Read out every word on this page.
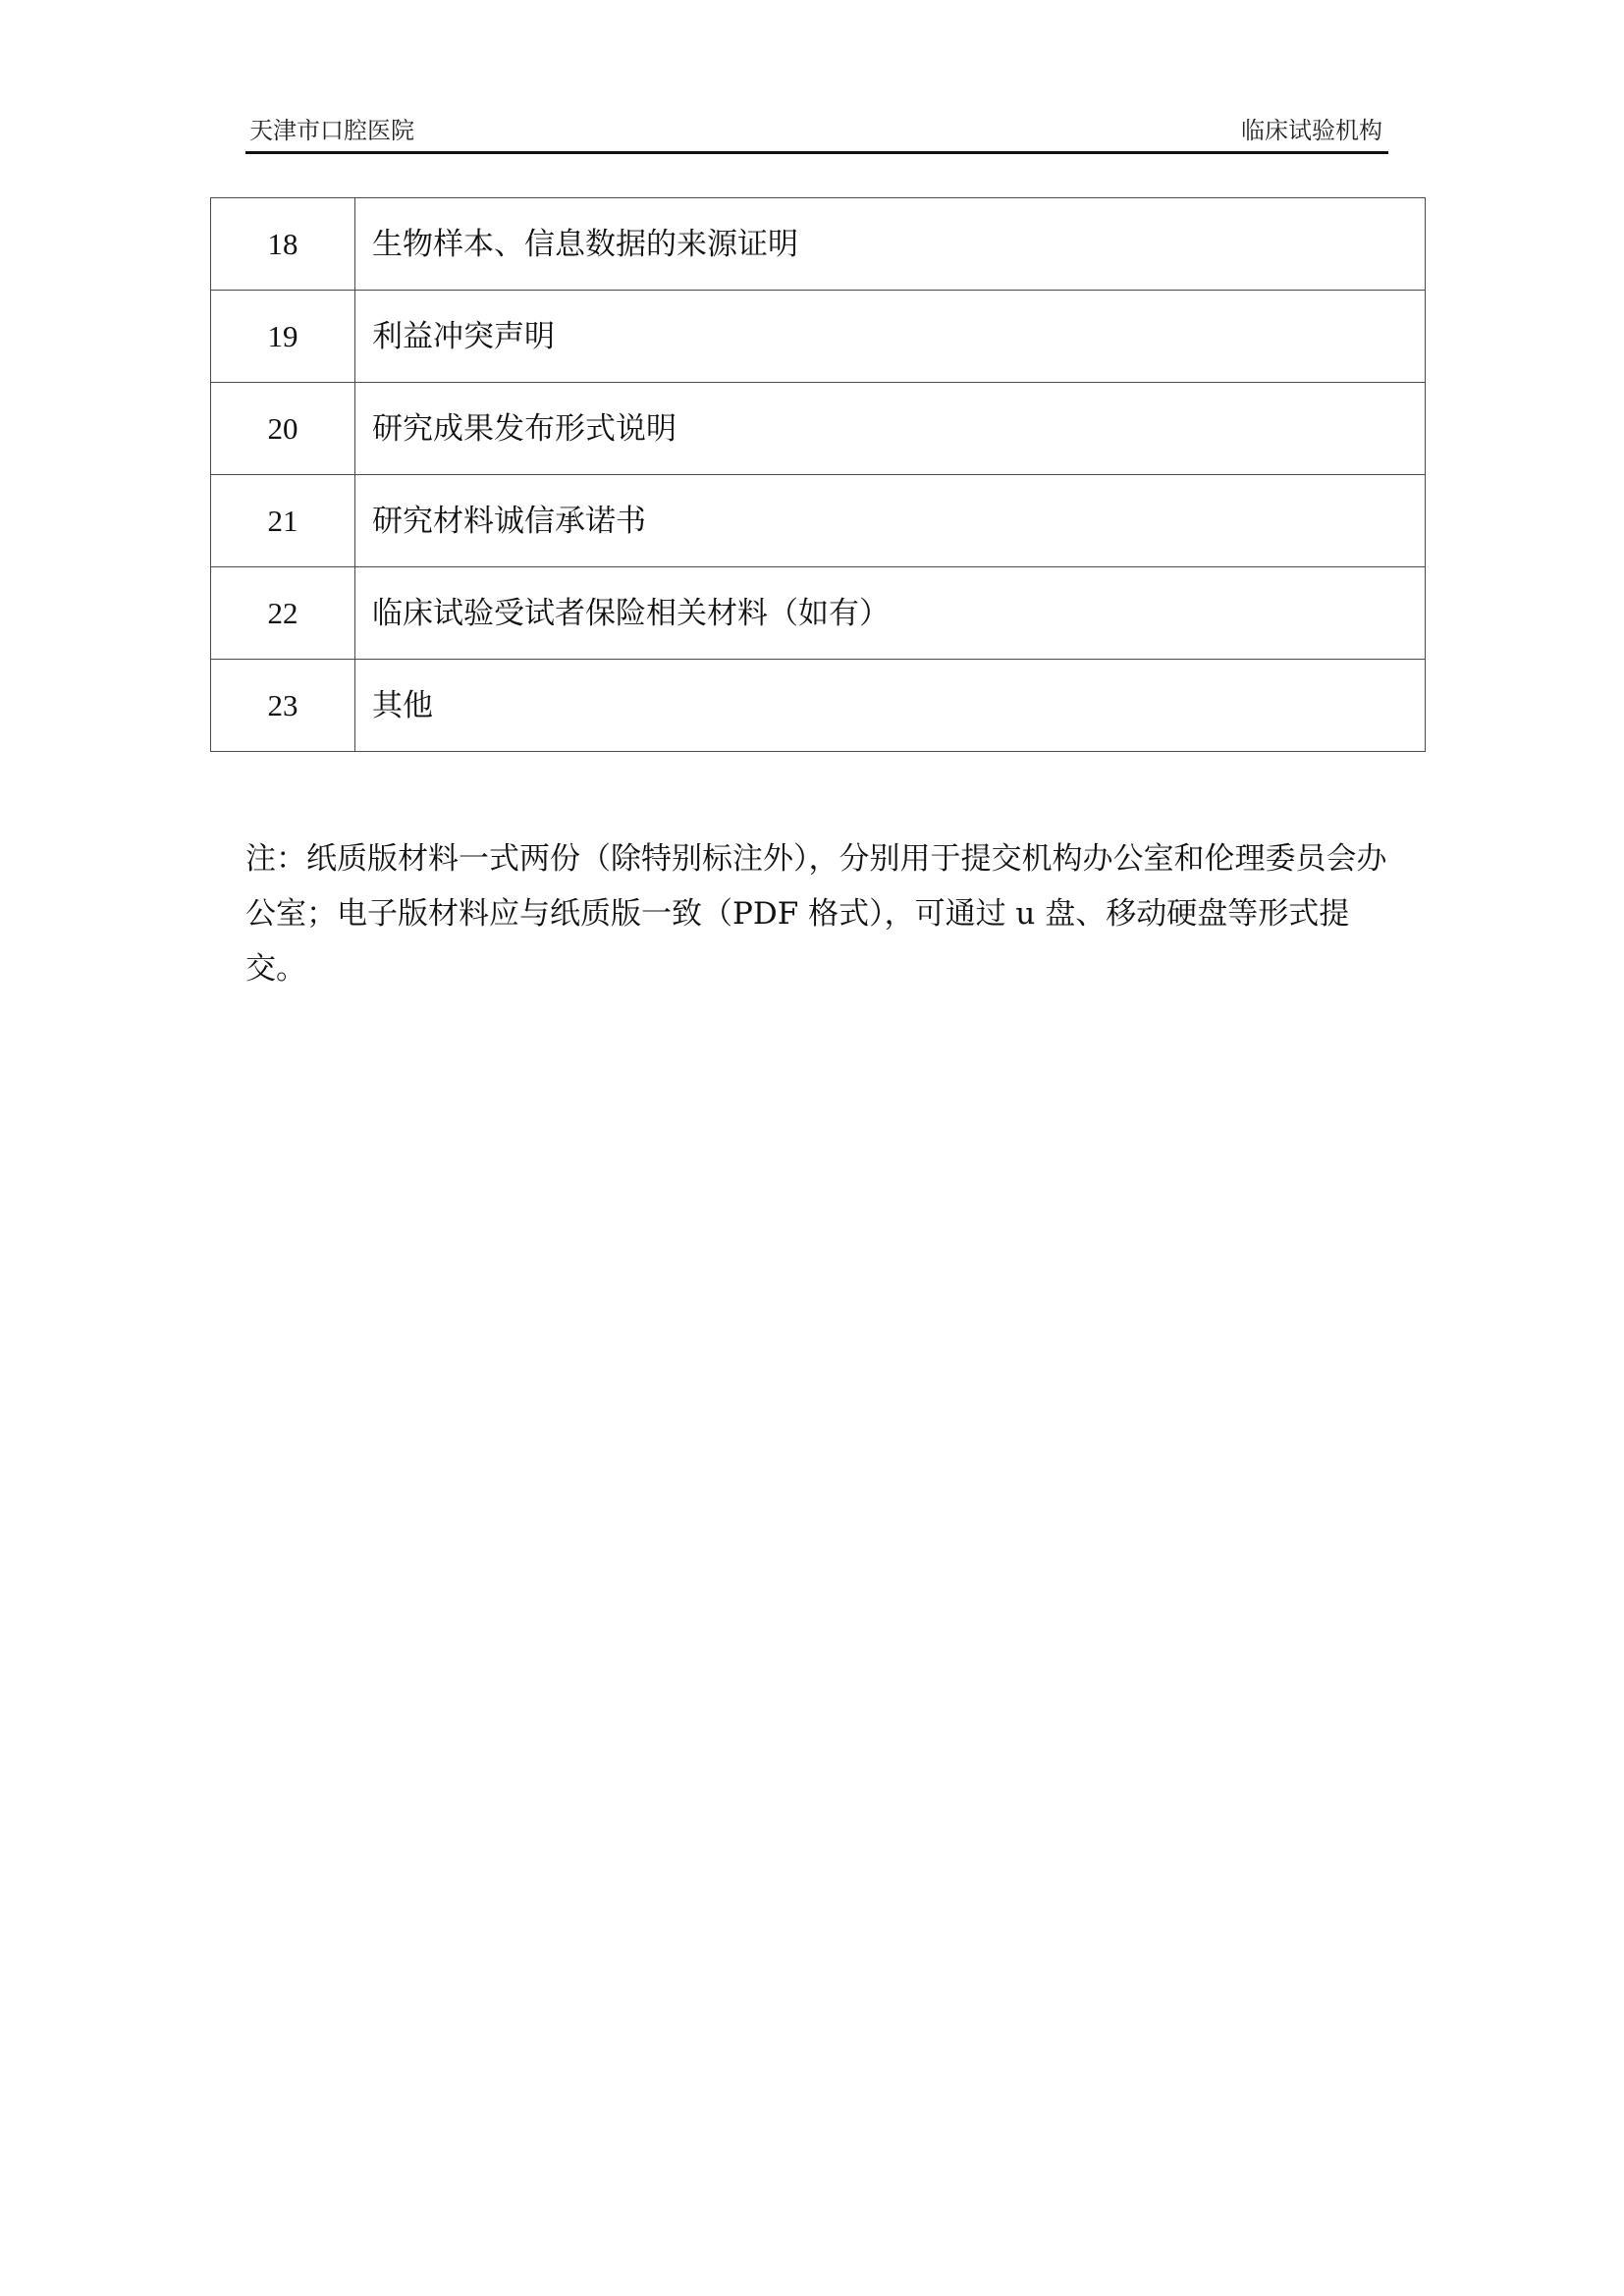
天津市口腔医院	临床试验机构
18	生物样本、信息数据的来源证明
19	利益冲突声明
20	研究成果发布形式说明
21	研究材料诚信承诺书
22	临床试验受试者保险相关材料（如有）
23	其他

注：纸质版材料一式两份（除特别标注外），分别用于提交机构办公室和伦理委员会办公室；电子版材料应与纸质版一致（PDF 格式），可通过 u 盘、移动硬盘等形式提交。
